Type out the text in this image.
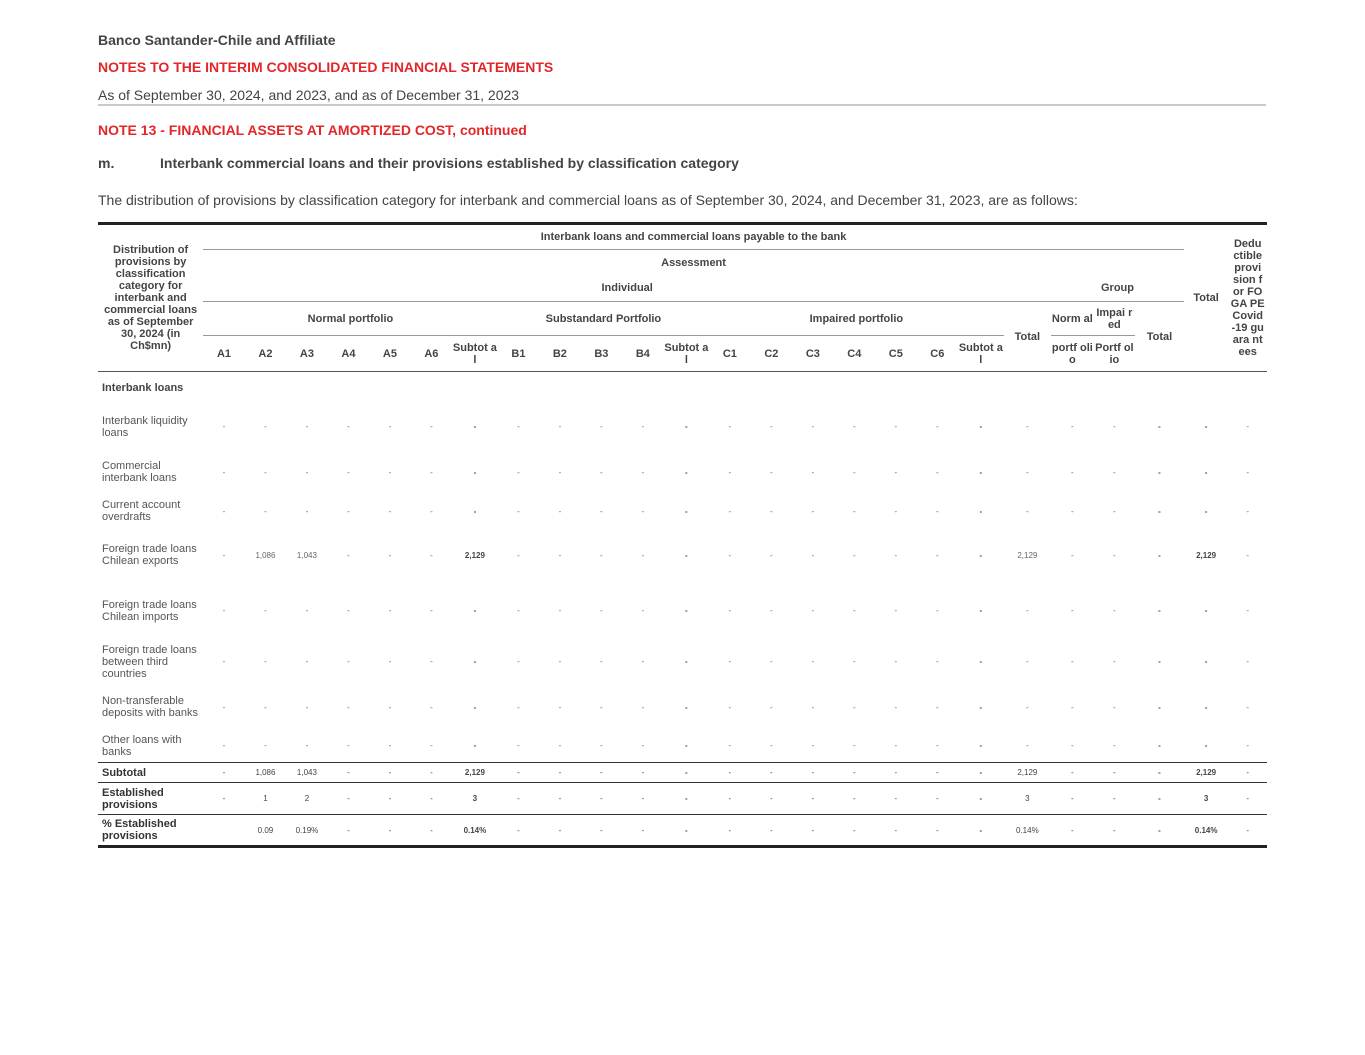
Banco Santander-Chile and Affiliate
NOTES TO THE INTERIM CONSOLIDATED FINANCIAL STATEMENTS
As of September 30, 2024, and 2023, and as of December 31, 2023
NOTE 13 - FINANCIAL ASSETS AT AMORTIZED COST, continued
m.	Interbank commercial loans and their provisions established by classification category
The distribution of provisions by classification category for interbank and commercial loans as of September 30, 2024, and December 31, 2023, are as follows:
Distribution of provisions by classification category for interbank and commercial loans as of September 30, 2024 (in Ch$mn)	Interbank loans and commercial loans payable to the bank																							Total	Dedu ctible provi sion for FOGA PE Covid -19 guara ntees
	Assessment																								
	Individual																				Group				
	Normal portfolio							Substandard Portfolio					Impaired portfolio							Total	Norm al	Impai red	Total		
	A1	A2	A3	A4	A5	A6	Subtot al	B1	B2	B3	B4	Subtot al	C1	C2	C3	C4	C5	C6	Subtot al		portf olio	Portf olio			
Interbank loans																									
Interbank liquidity loans	-	-	-	-	-	-	-	-	-	-	-	-	-	-	-	-	-	-	-	-	-	-	-	-	-
Commercial interbank loans	-	-	-	-	-	-	-	-	-	-	-	-	-	-	-	-	-	-	-	-	-	-	-	-	-
Current account overdrafts	-	-	-	-	-	-	-	-	-	-	-	-	-	-	-	-	-	-	-	-	-	-	-	-	-
Foreign trade loans Chilean exports	-	1,086	1,043	-	-	-	2,129	-	-	-	-	-	-	-	-	-	-	-	-	2,129	-	-	-	2,129	-
Foreign trade loans Chilean imports	-	-	-	-	-	-	-	-	-	-	-	-	-	-	-	-	-	-	-	-	-	-	-	-	-
Foreign trade loans between third countries	-	-	-	-	-	-	-	-	-	-	-	-	-	-	-	-	-	-	-	-	-	-	-	-	-
Non-transferable deposits with banks	-	-	-	-	-	-	-	-	-	-	-	-	-	-	-	-	-	-	-	-	-	-	-	-	-
Other loans with banks	-	-	-	-	-	-	-	-	-	-	-	-	-	-	-	-	-	-	-	-	-	-	-	-	-
Subtotal	-	1,086	1,043	-	-	-	2,129	-	-	-	-	-	-	-	-	-	-	-	-	2,129	-	-	-	2,129	-
Established provisions	-	1	2	-	-	-	3	-	-	-	-	-	-	-	-	-	-	-	-	3	-	-	-	3	-
% Established provisions		0.09	0.19%	-	-	-	0.14%	-	-	-	-	-	-	-	-	-	-	-	-	0.14%	-	-	-	0.14%	-
